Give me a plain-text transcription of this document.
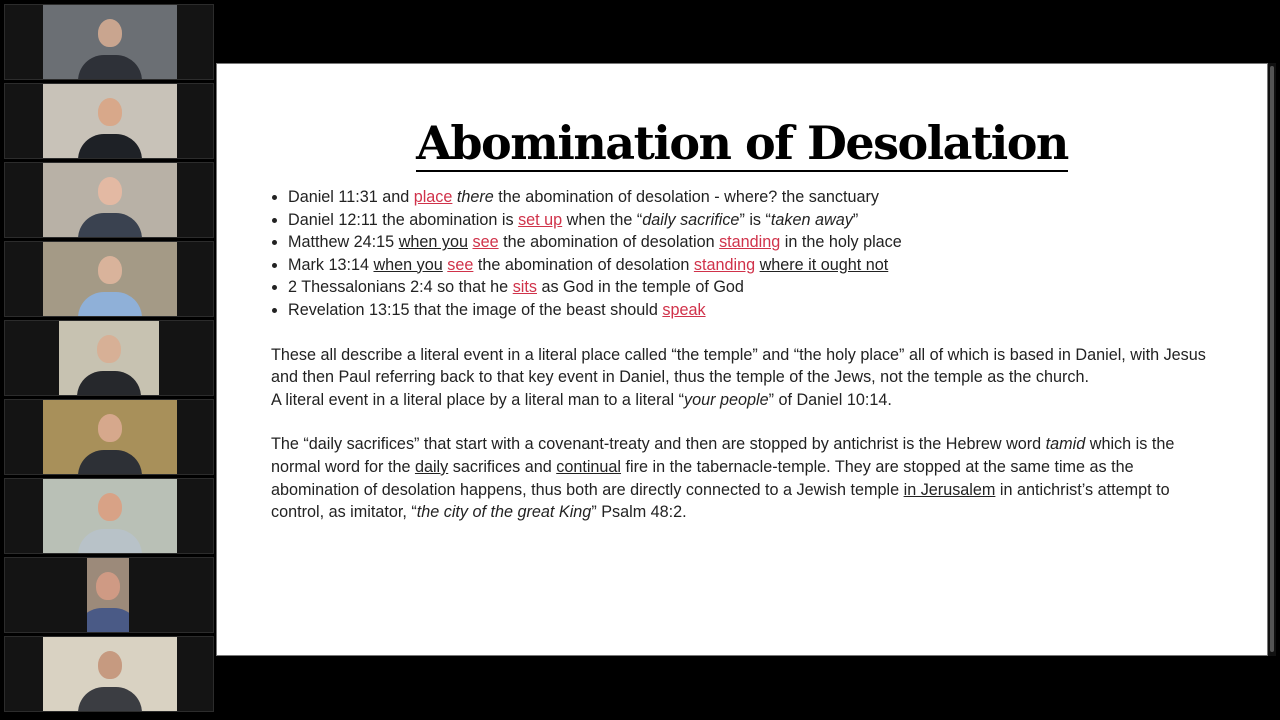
Abomination of Desolation
• Daniel 11:31 and place there the abomination of desolation - where? the sanctuary
• Daniel 12:11 the abomination is set up when the “daily sacrifice” is “taken away”
• Matthew 24:15 when you see the abomination of desolation standing in the holy place
• Mark 13:14 when you see the abomination of desolation standing where it ought not
• 2 Thessalonians 2:4 so that he sits as God in the temple of God
• Revelation 13:15 that the image of the beast should speak

These all describe a literal event in a literal place called “the temple” and “the holy place” all of which is based in Daniel, with Jesus and then Paul referring back to that key event in Daniel, thus the temple of the Jews, not the temple as the church.

A literal event in a literal place by a literal man to a literal “your people” of Daniel 10:14.

The “daily sacrifices” that start with a covenant-treaty and then are stopped by antichrist is the Hebrew word tamid which is the normal word for the daily sacrifices and continual fire in the tabernacle-temple. They are stopped at the same time as the abomination of desolation happens, thus both are directly connected to a Jewish temple in Jerusalem in antichrist’s attempt to control, as imitator, “the city of the great King” Psalm 48:2.
